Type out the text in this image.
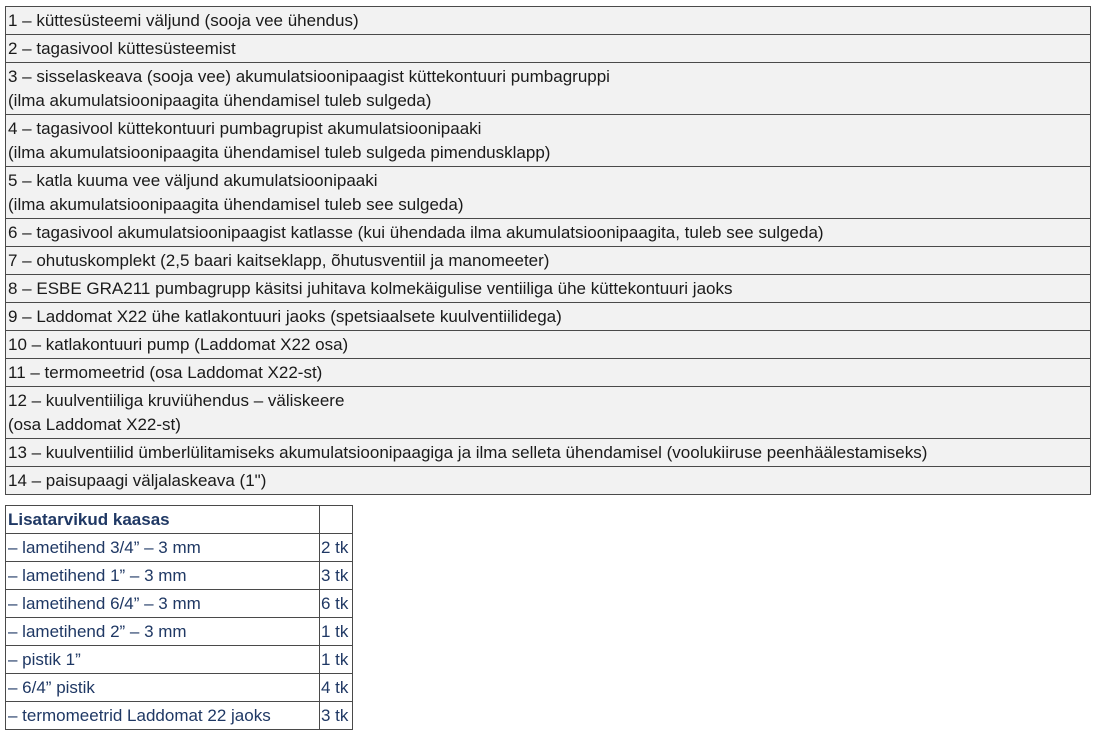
1 – küttesüsteemi väljund (sooja vee ühendus)

2 – tagasivool küttesüsteemist

3 – sisselaskeava (sooja vee) akumulatsioonipaagist küttekontuuri pumbagruppi
(ilma akumulatsioonipaagita ühendamisel tuleb sulgeda)

4 – tagasivool küttekontuuri pumbagrupist akumulatsioonipaaki
(ilma akumulatsioonipaagita ühendamisel tuleb sulgeda pimendusklapp)

5 – katla kuuma vee väljund akumulatsioonipaaki
(ilma akumulatsioonipaagita ühendamisel tuleb see sulgeda)

6 – tagasivool akumulatsioonipaagist katlasse (kui ühendada ilma akumulatsioonipaagita, tuleb see sulgeda)

7 – ohutuskomplekt (2,5 baari kaitseklapp, õhutusventiil ja manomeeter)

8 – ESBE GRA211 pumbagrupp käsitsi juhitava kolmekäigulise ventiiliga ühe küttekontuuri jaoks

9 – Laddomat X22 ühe katlakontuuri jaoks (spetsiaalsete kuulventiilidega)

10 – katlakontuuri pump (Laddomat X22 osa)

11 – termomeetrid (osa Laddomat X22-st)

12 – kuulventiiliga kruviühendus – väliskeere
(osa Laddomat X22-st)

13 – kuulventiilid ümberlülitamiseks akumulatsioonipaagiga ja ilma selleta ühendamisel (voolukiiruse peenhäälestamiseks)

14 – paisupaagi väljalaskeava (1")
Lisatarvikud kaasas	
– lametihend 3/4” – 3 mm	2 tk
– lametihend 1” – 3 mm	3 tk
– lametihend 6/4” – 3 mm	6 tk
– lametihend 2” – 3 mm	1 tk
– pistik 1”	1 tk
– 6/4” pistik	4 tk
– termomeetrid Laddomat 22 jaoks	3 tk
